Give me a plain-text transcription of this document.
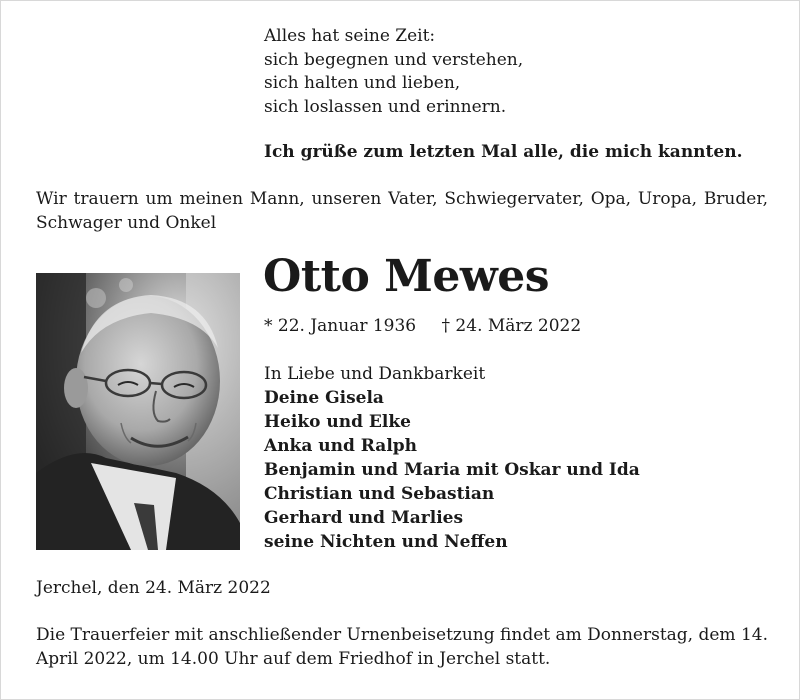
Alles hat seine Zeit:
sich begegnen und verstehen,
sich halten und lieben,
sich loslassen und erinnern.
Ich grüße zum letzten Mal alle, die mich kannten.
Wir trauern um meinen Mann, unseren Vater, Schwiegervater, Opa, Uropa, Bruder, Schwager und Onkel
Otto Mewes
* 22. Januar 1936 † 24. März 2022
In Liebe und Dankbarkeit
Deine Gisela
Heiko und Elke
Anka und Ralph
Benjamin und Maria mit Oskar und Ida
Christian und Sebastian
Gerhard und Marlies
seine Nichten und Neffen
Jerchel, den 24. März 2022
Die Trauerfeier mit anschließender Urnenbeisetzung findet am Donnerstag, dem 14. April 2022, um 14.00 Uhr auf dem Friedhof in Jerchel statt.
